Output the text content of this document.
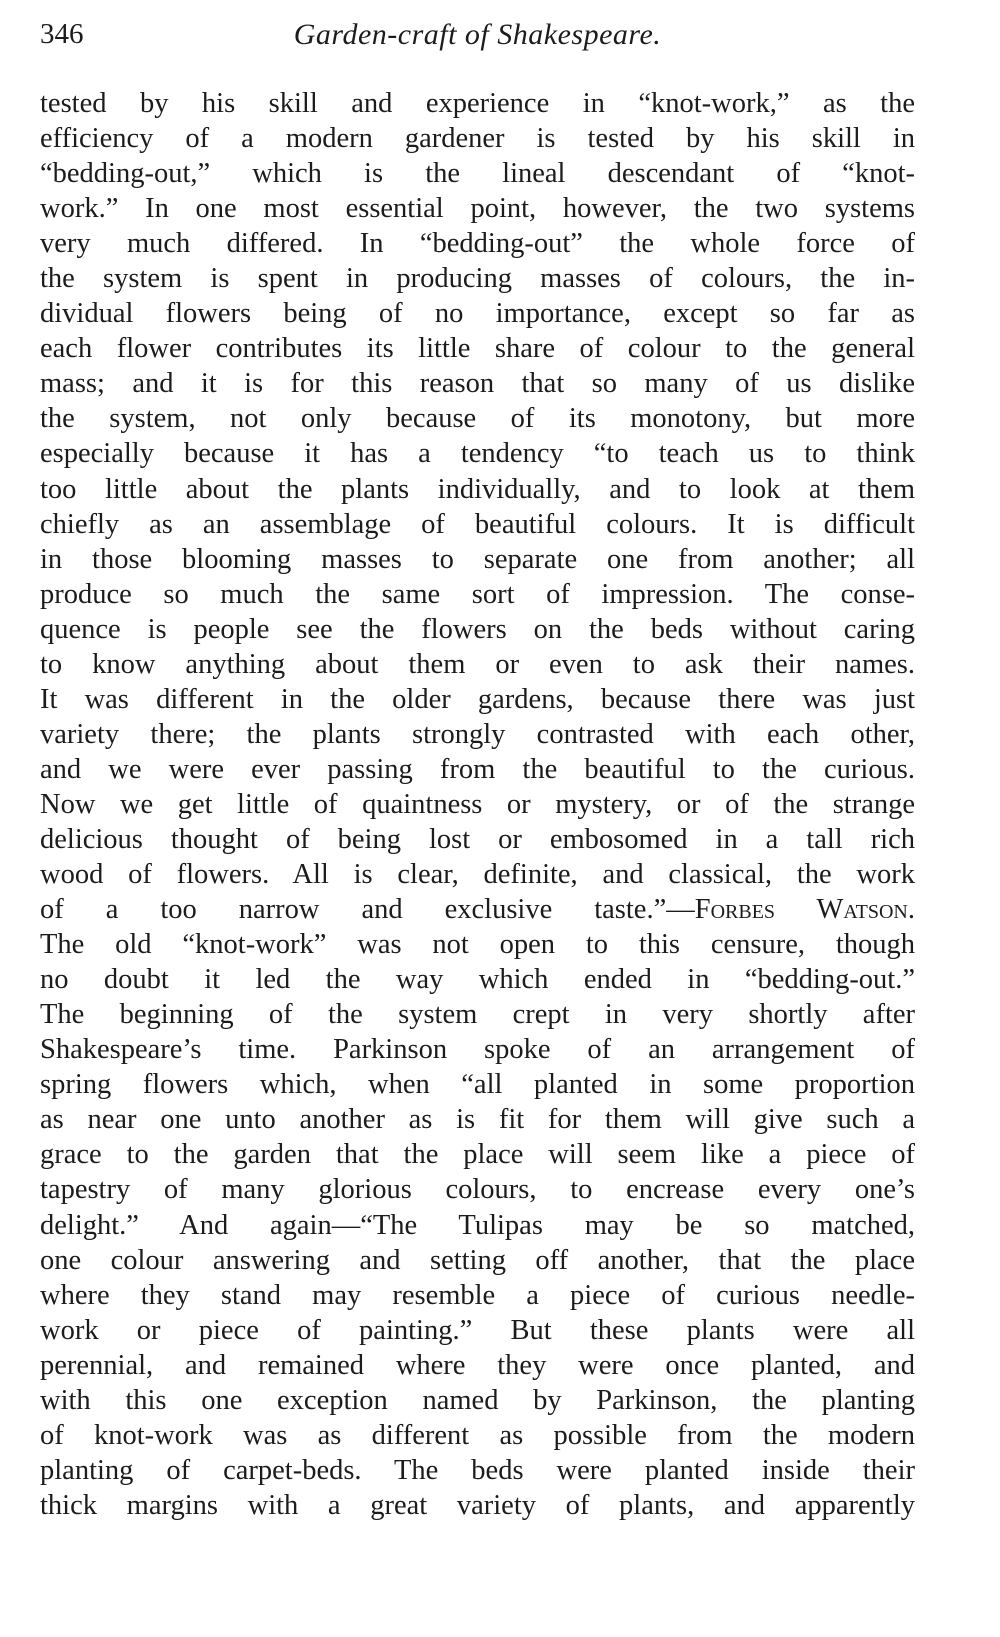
346	Garden-craft of Shakespeare.
tested by his skill and experience in “knot-work,” as the
efficiency of a modern gardener is tested by his skill in
“bedding-out,” which is the lineal descendant of “knot-
work.” In one most essential point, however, the two systems
very much differed. In “bedding-out” the whole force of
the system is spent in producing masses of colours, the in-
dividual flowers being of no importance, except so far as
each flower contributes its little share of colour to the general
mass; and it is for this reason that so many of us dislike
the system, not only because of its monotony, but more
especially because it has a tendency “to teach us to think
too little about the plants individually, and to look at them
chiefly as an assemblage of beautiful colours. It is difficult
in those blooming masses to separate one from another; all
produce so much the same sort of impression. The conse-
quence is people see the flowers on the beds without caring
to know anything about them or even to ask their names.
It was different in the older gardens, because there was just
variety there; the plants strongly contrasted with each other,
and we were ever passing from the beautiful to the curious.
Now we get little of quaintness or mystery, or of the strange
delicious thought of being lost or embosomed in a tall rich
wood of flowers. All is clear, definite, and classical, the work
of a too narrow and exclusive taste.”—Forbes Watson.
The old “knot-work” was not open to this censure, though
no doubt it led the way which ended in “bedding-out.”
The beginning of the system crept in very shortly after
Shakespeare’s time. Parkinson spoke of an arrangement of
spring flowers which, when “all planted in some proportion
as near one unto another as is fit for them will give such a
grace to the garden that the place will seem like a piece of
tapestry of many glorious colours, to encrease every one’s
delight.” And again—“The Tulipas may be so matched,
one colour answering and setting off another, that the place
where they stand may resemble a piece of curious needle-
work or piece of painting.” But these plants were all
perennial, and remained where they were once planted, and
with this one exception named by Parkinson, the planting
of knot-work was as different as possible from the modern
planting of carpet-beds. The beds were planted inside their
thick margins with a great variety of plants, and apparently
